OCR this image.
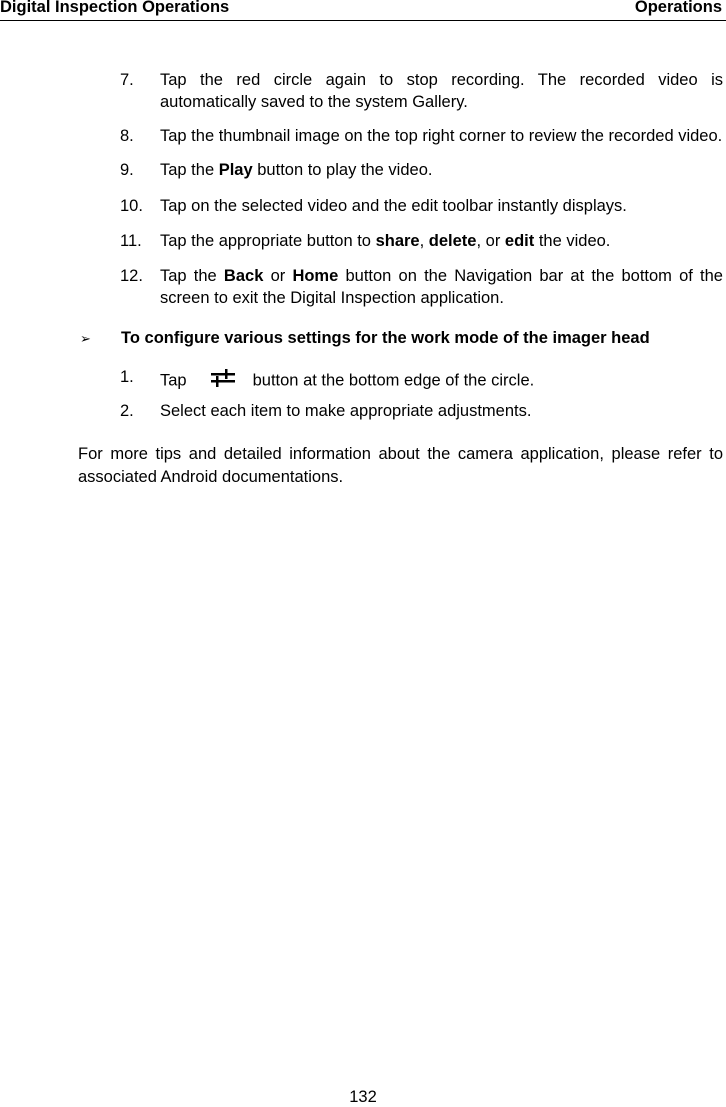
Digital Inspection Operations	Operations
7. Tap the red circle again to stop recording. The recorded video is automatically saved to the system Gallery.
8. Tap the thumbnail image on the top right corner to review the recorded video.
9. Tap the Play button to play the video.
10. Tap on the selected video and the edit toolbar instantly displays.
11. Tap the appropriate button to share, delete, or edit the video.
12. Tap the Back or Home button on the Navigation bar at the bottom of the screen to exit the Digital Inspection application.
➢ To configure various settings for the work mode of the imager head
1. Tap	button at the bottom edge of the circle.
2. Select each item to make appropriate adjustments.
For more tips and detailed information about the camera application, please refer to associated Android documentations.
132
